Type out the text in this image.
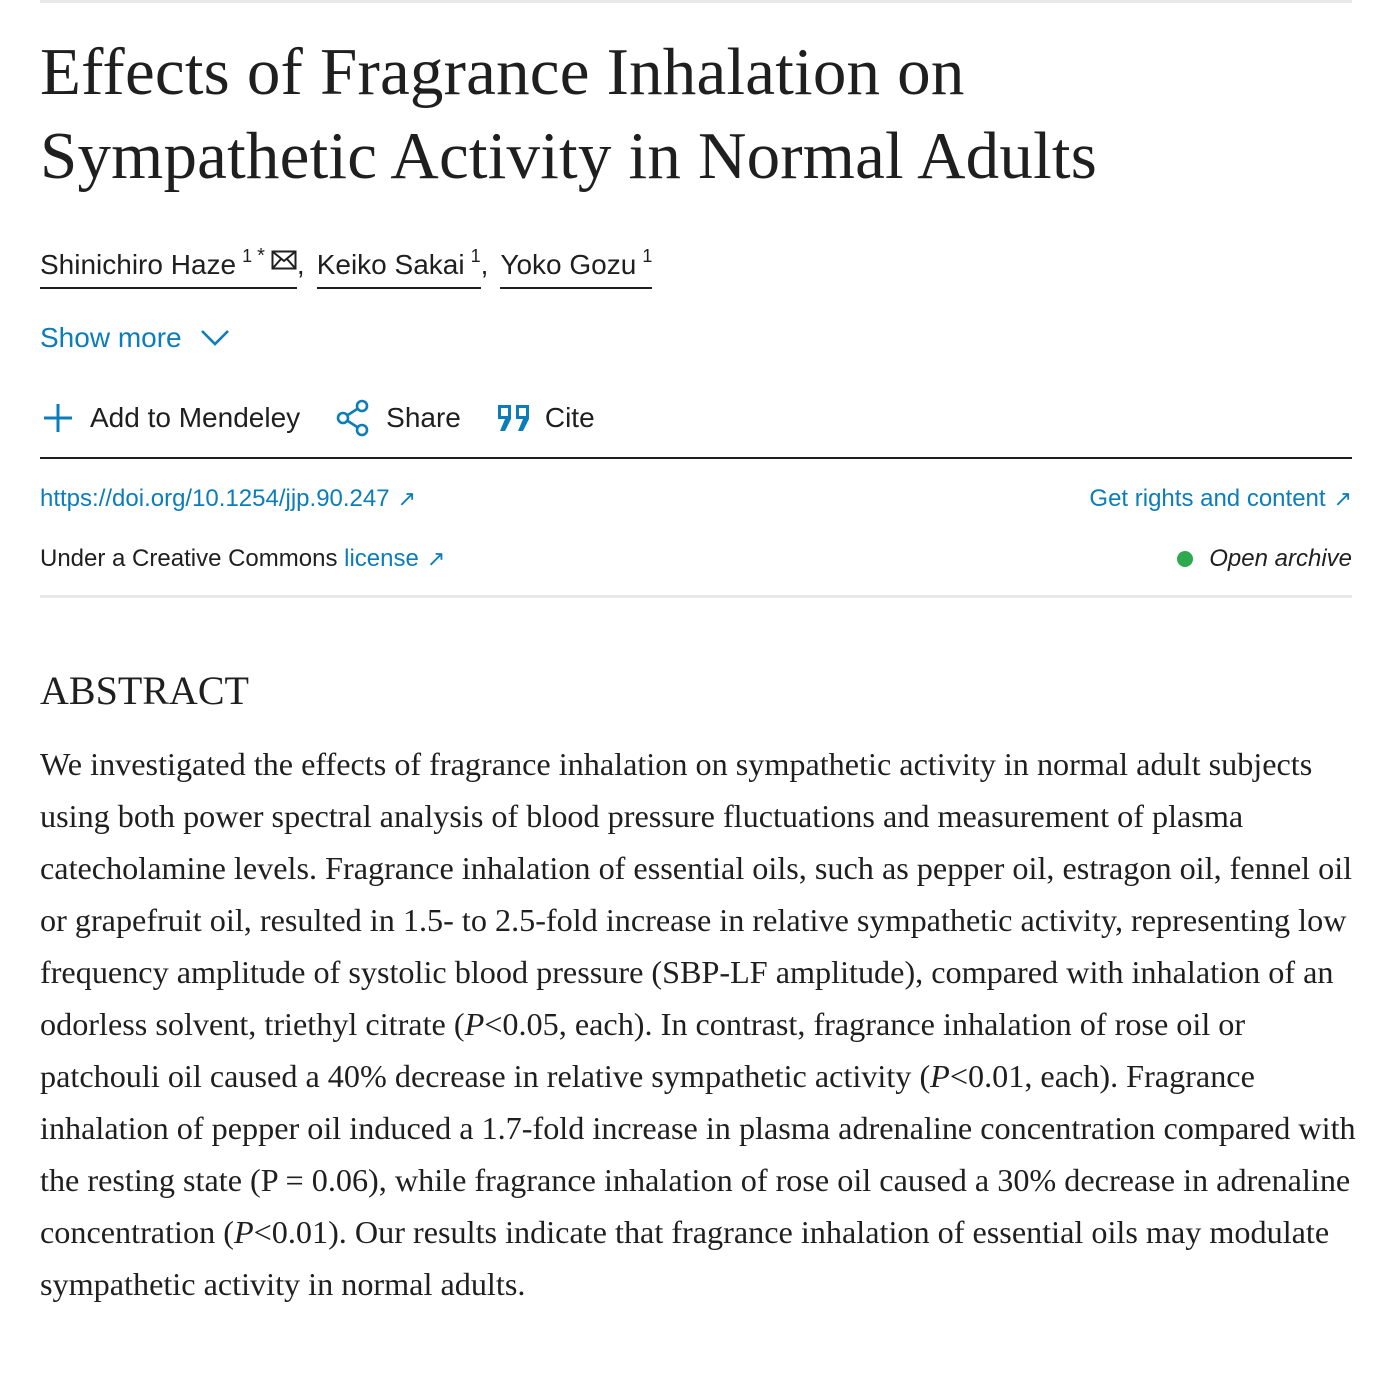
Effects of Fragrance Inhalation on
Sympathetic Activity in Normal Adults
Shinichiro Haze $^1$ * , Keiko Sakai $^1$, Yoko Gozu $^1$
Show more
Add to Mendeley	Share	Cite
https://doi.org/10.1254/jjp.90.247 ↗	Get rights and content ↗
Under a Creative Commons license ↗	Open archive
ABSTRACT

We investigated the effects of fragrance inhalation on sympathetic activity in normal adult subjects using both power spectral analysis of blood pressure fluctuations and measurement of plasma catecholamine levels. Fragrance inhalation of essential oils, such as pepper oil, estragon oil, fennel oil or grapefruit oil, resulted in 1.5- to 2.5-fold increase in relative sympathetic activity, representing low frequency amplitude of systolic blood pressure (SBP-LF amplitude), compared with inhalation of an odorless solvent, triethyl citrate (P<0.05, each). In contrast, fragrance inhalation of rose oil or patchouli oil caused a 40% decrease in relative sympathetic activity (P<0.01, each). Fragrance inhalation of pepper oil induced a 1.7-fold increase in plasma adrenaline concentration compared with the resting state (P = 0.06), while fragrance inhalation of rose oil caused a 30% decrease in adrenaline concentration (P<0.01). Our results indicate that fragrance inhalation of essential oils may modulate sympathetic activity in normal adults.
